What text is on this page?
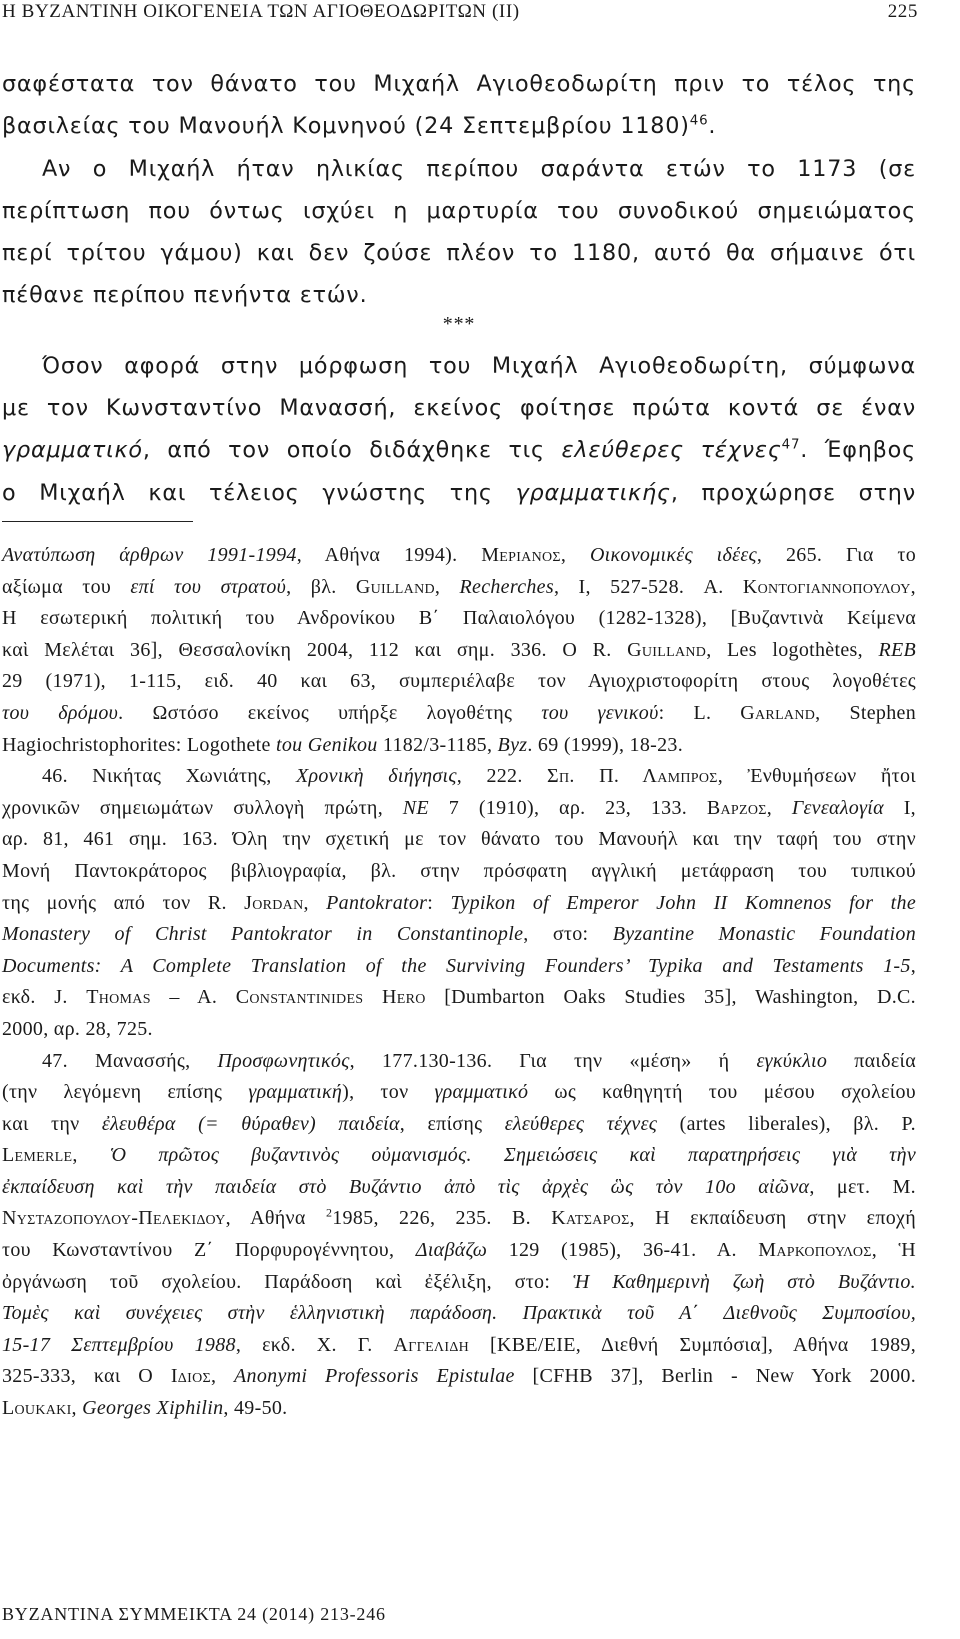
Η ΒΥΖΑΝΤΙΝΗ ΟΙΚΟΓΕΝΕΙΑ ΤΩΝ ΑΓΙΟΘΕΟΔΩΡΙΤΩΝ (ΙΙ)	225
σαφέστατα τον θάνατο του Μιχαήλ Αγιοθεοδωρίτη πριν το τέλος της
βασιλείας του Μανουήλ Κομνηνού (24 Σεπτεμβρίου 1180)$^{46}$.
Αν ο Μιχαήλ ήταν ηλικίας περίπου σαράντα ετών το 1173 (σε
περίπτωση που όντως ισχύει η μαρτυρία του συνοδικού σημειώματος
περί τρίτου γάμου) και δεν ζούσε πλέον το 1180, αυτό θα σήμαινε ότι
πέθανε περίπου πενήντα ετών.
***
Όσον αφορά στην μόρφωση του Μιχαήλ Αγιοθεοδωρίτη, σύμφωνα
με τον Κωνσταντίνο Μανασσή, εκείνος φοίτησε πρώτα κοντά σε έναν
γραμματικό, από τον οποίο διδάχθηκε τις ελεύθερες τέχνες$^{47}$. Έφηβος
ο Μιχαήλ και τέλειος γνώστης της γραμματικής, προχώρησε στην
Ανατύπωση άρθρων 1991-1994, Αθήνα 1994). Μεριανος, Οικονομικές ιδέες, 265. Για το
αξίωμα του επί του στρατού, βλ. Guilland, Recherches, I, 527-528. Α. Κοντογιαννοπουλου,
Η εσωτερική πολιτική του Ανδρονίκου Β΄ Παλαιολόγου (1282-1328), [Βυζαντινὰ Κείμενα
καὶ Μελέται 36], Θεσσαλονίκη 2004, 112 και σημ. 336. Ο R. Guilland, Les logothètes, REB
29 (1971), 1-115, ειδ. 40 και 63, συμπεριέλαβε τον Αγιοχριστοφορίτη στους λογοθέτες
του δρόμου. Ωστόσο εκείνος υπήρξε λογοθέτης του γενικού: L. Garland, Stephen
Hagiochristophorites: Logothete tou Genikou 1182/3-1185, Byz. 69 (1999), 18-23.
46. Νικήτας Χωνιάτης, Χρονικὴ διήγησις, 222. Σπ. Π. Λαμπρος, Ἐνθυμήσεων ἤτοι
χρονικῶν σημειωμάτων συλλογὴ πρώτη, ΝΕ 7 (1910), αρ. 23, 133. Βαρζος, Γενεαλογία Ι,
αρ. 81, 461 σημ. 163. Όλη την σχετική με τον θάνατο του Μανουήλ και την ταφή του στην
Μονή Παντοκράτορος βιβλιογραφία, βλ. στην πρόσφατη αγγλική μετάφραση του τυπικού
της μονής από τον R. Jordan, Pantokrator: Typikon of Emperor John II Komnenos for the
Monastery of Christ Pantokrator in Constantinople, στο: Byzantine Monastic Foundation
Documents: A Complete Translation of the Surviving Founders’ Typika and Testaments 1-5,
εκδ. J. Thomas – A. Constantinides Hero [Dumbarton Oaks Studies 35], Washington, D.C.
2000, αρ. 28, 725.
47. Μανασσής, Προσφωνητικός, 177.130-136. Για την «μέση» ή εγκύκλιο παιδεία
(την λεγόμενη επίσης γραμματική), τον γραμματικό ως καθηγητή του μέσου σχολείου
και την ἐλευθέρα (= θύραθεν) παιδεία, επίσης ελεύθερες τέχνες (artes liberales), βλ. P.
Lemerle, Ὁ πρῶτος βυζαντινὸς οὐμανισμός. Σημειώσεις καὶ παρατηρήσεις γιὰ τὴν
ἐκπαίδευση καὶ τὴν παιδεία στὸ Βυζάντιο ἀπὸ τὶς ἀρχὲς ὣς τὸν 10ο αἰῶνα, μετ. Μ.
Νυσταζοπουλου-Πελεκιδου, Αθήνα $^2$1985, 226, 235. Β. Κατσαρος, Η εκπαίδευση στην εποχή
του Κωνσταντίνου Ζ΄ Πορφυρογέννητου, Διαβάζω 129 (1985), 36-41. Α. Μαρκοπουλος, Ἡ
ὀργάνωση τοῦ σχολείου. Παράδοση καὶ ἐξέλιξη, στο: Ἡ Καθημερινὴ ζωὴ στὸ Βυζάντιο.
Τομὲς καὶ συνέχειες στὴν ἑλληνιστικὴ παράδοση. Πρακτικὰ τοῦ Α΄ Διεθνοῦς Συμποσίου,
15-17 Σεπτεμβρίου 1988, εκδ. Χ. Γ. Αγγελιδη [ΚΒΕ/ΕΙΕ, Διεθνή Συμπόσια], Αθήνα 1989,
325-333, και Ο Ιδιος, Anonymi Professoris Epistulae [CFHB 37], Berlin - New York 2000.
Loukaki, Georges Xiphilin, 49-50.
ΒΥΖΑΝΤΙΝΑ ΣΥΜΜΕΙΚΤΑ 24 (2014) 213-246
